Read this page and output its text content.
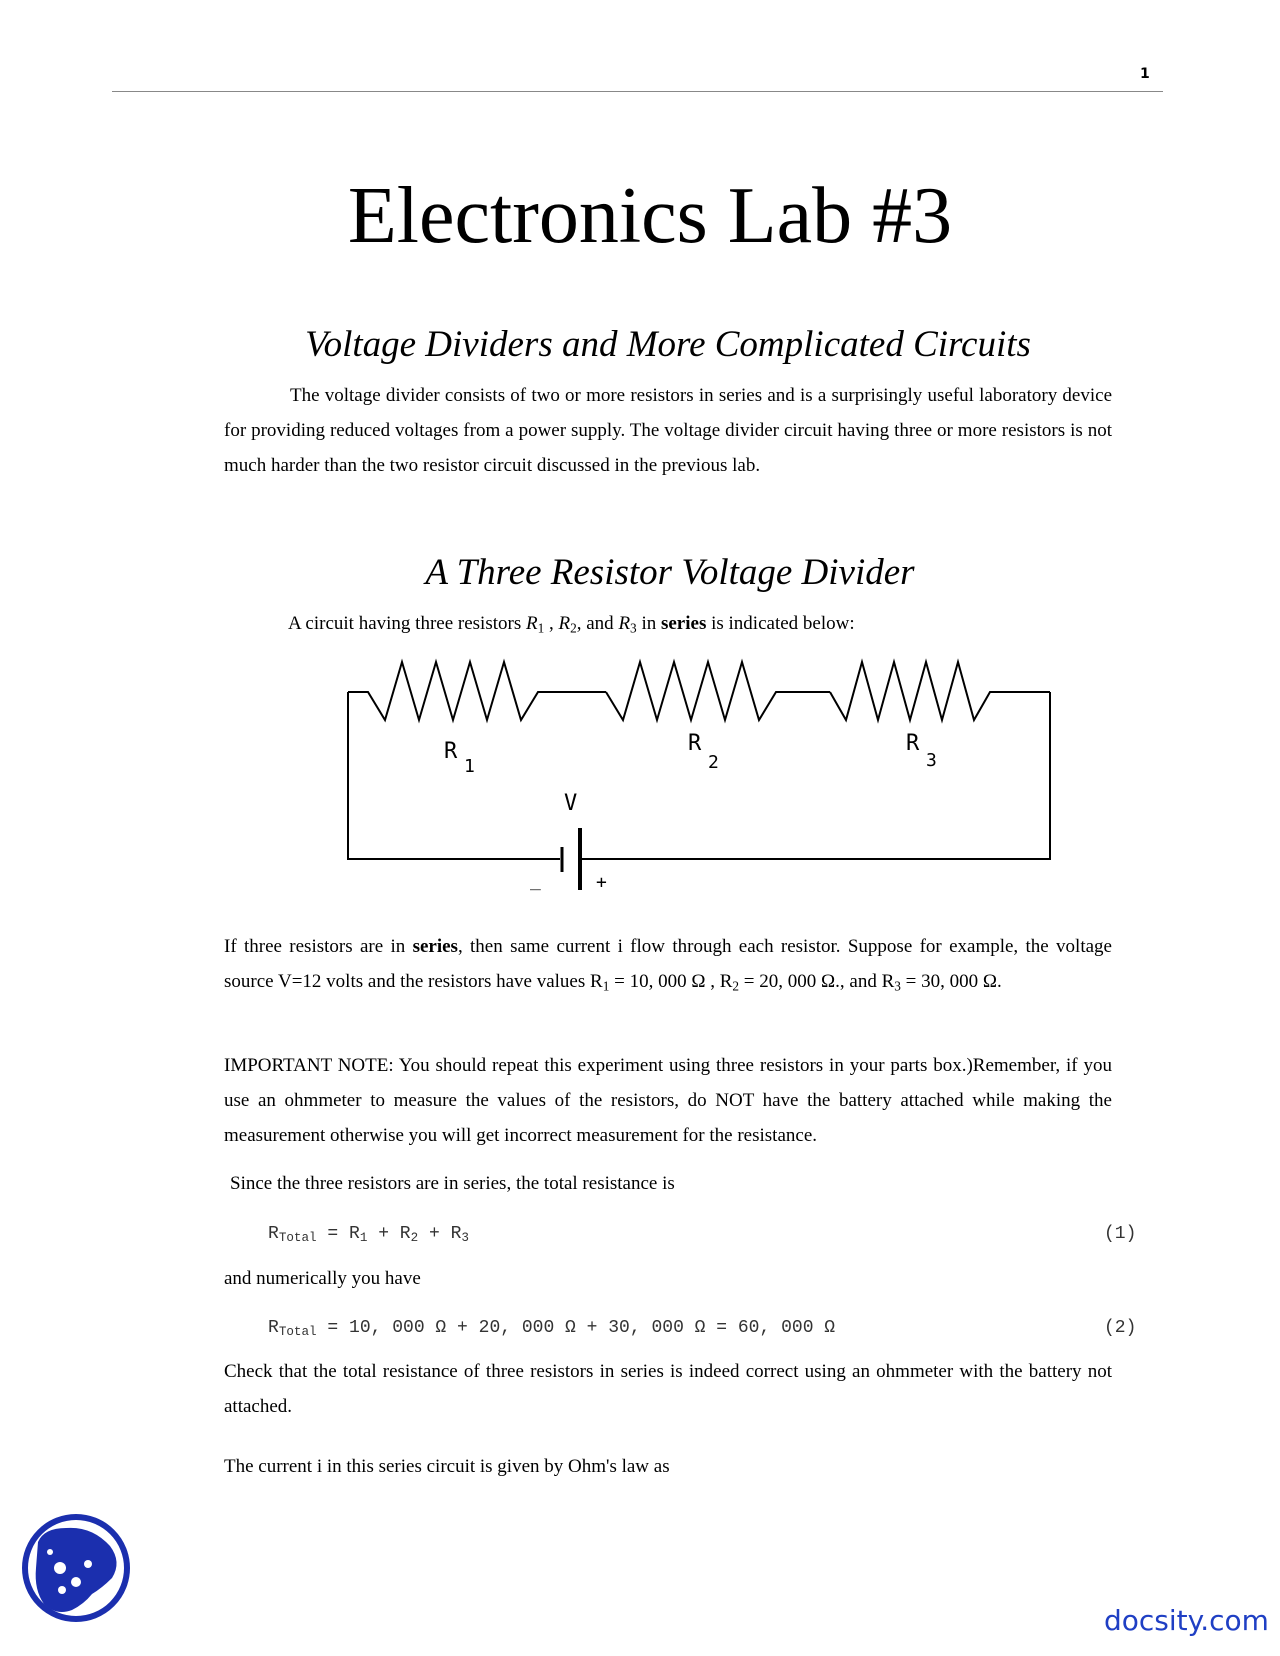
1
Electronics Lab #3
Voltage Dividers and More Complicated Circuits
The voltage divider consists of two or more resistors in series and is a surprisingly useful laboratory device for providing reduced voltages from a power supply. The voltage divider circuit having three or more resistors is not much harder than the two resistor circuit discussed in the previous lab.
A Three Resistor Voltage Divider
A circuit having three resistors $R_1$ , $R_2$, and $R_3$ in series is indicated below:
R
1
R
2
R
3
V
_	+
If three resistors are in series, then same current i flow through each resistor. Suppose for example, the voltage source V=12 volts and the resistors have values $R_1 = 10$, 000 Ω , $R_2 = 20$, 000 Ω., and $R_3 = 30$, 000 Ω.
IMPORTANT NOTE: You should repeat this experiment using three resistors in your parts box.)Remember, if you use an ohmmeter to measure the values of the resistors, do NOT have the battery attached while making the measurement otherwise you will get incorrect measurement for the resistance.
Since the three resistors are in series, the total resistance is
$R_{Total} = R_1 + R_2 + R_3$	(1)
and numerically you have
$R_{Total} = 10$, 000 Ω + 20, 000 Ω + 30, 000 Ω = 60, 000 Ω	(2)
Check that the total resistance of three resistors in series is indeed correct using an ohmmeter with the battery not attached.
The current i in this series circuit is given by Ohm's law as
docsity.com
